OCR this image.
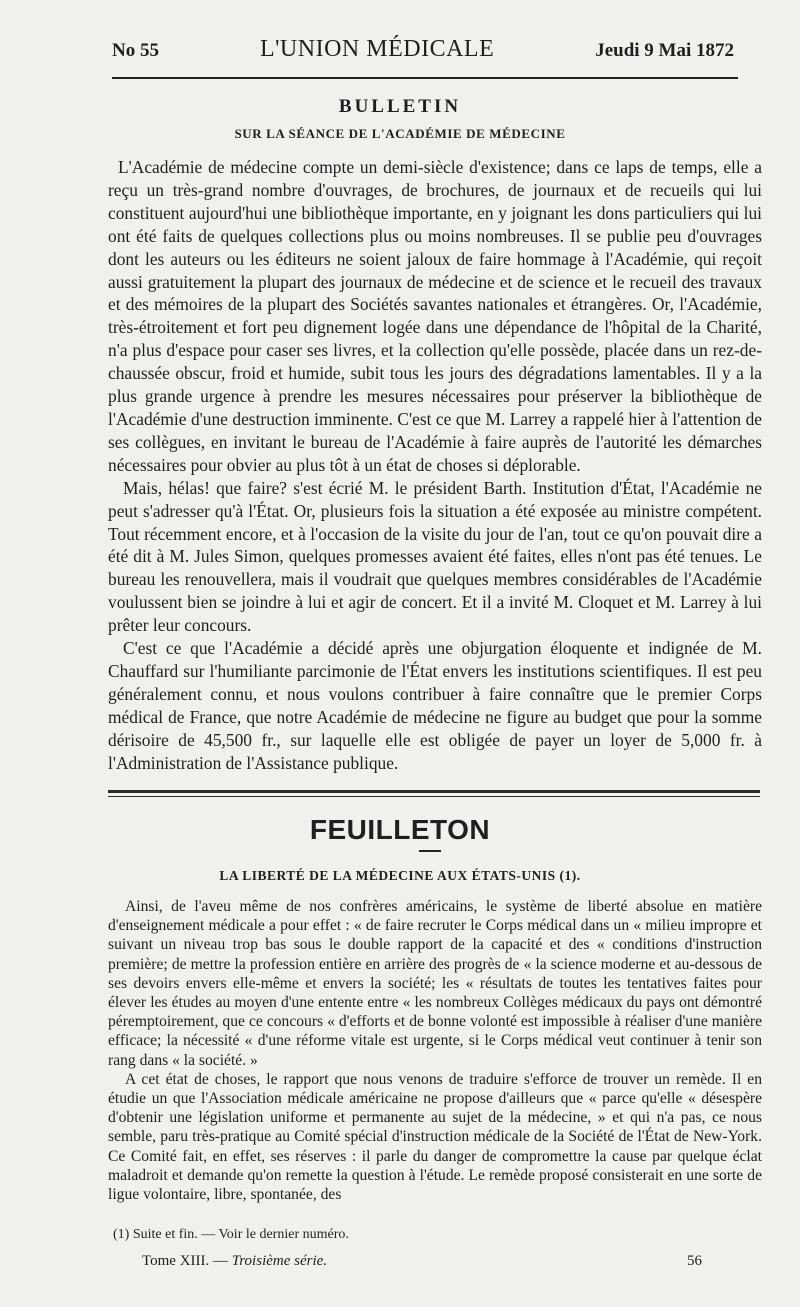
No 55	L'UNION MÉDICALE	Jeudi 9 Mai 1872
BULLETIN
SUR LA SÉANCE DE L'ACADÉMIE DE MÉDECINE

L'Académie de médecine compte un demi-siècle d'existence; dans ce laps de temps, elle a reçu un très-grand nombre d'ouvrages, de brochures, de journaux et de recueils qui lui constituent aujourd'hui une bibliothèque importante, en y joignant les dons particuliers qui lui ont été faits de quelques collections plus ou moins nombreuses. Il se publie peu d'ouvrages dont les auteurs ou les éditeurs ne soient jaloux de faire hommage à l'Académie, qui reçoit aussi gratuitement la plupart des journaux de médecine et de science et le recueil des travaux et des mémoires de la plupart des Sociétés savantes nationales et étrangères. Or, l'Académie, très-étroitement et fort peu dignement logée dans une dépendance de l'hôpital de la Charité, n'a plus d'espace pour caser ses livres, et la collection qu'elle possède, placée dans un rez-de-chaussée obscur, froid et humide, subit tous les jours des dégradations lamentables. Il y a la plus grande urgence à prendre les mesures nécessaires pour préserver la bibliothèque de l'Académie d'une destruction imminente. C'est ce que M. Larrey a rappelé hier à l'attention de ses collègues, en invitant le bureau de l'Académie à faire auprès de l'autorité les démarches nécessaires pour obvier au plus tôt à un état de choses si déplorable.

Mais, hélas! que faire? s'est écrié M. le président Barth. Institution d'État, l'Académie ne peut s'adresser qu'à l'État. Or, plusieurs fois la situation a été exposée au ministre compétent. Tout récemment encore, et à l'occasion de la visite du jour de l'an, tout ce qu'on pouvait dire a été dit à M. Jules Simon, quelques promesses avaient été faites, elles n'ont pas été tenues. Le bureau les renouvellera, mais il voudrait que quelques membres considérables de l'Académie voulussent bien se joindre à lui et agir de concert. Et il a invité M. Cloquet et M. Larrey à lui prêter leur concours.

C'est ce que l'Académie a décidé après une objurgation éloquente et indignée de M. Chauffard sur l'humiliante parcimonie de l'État envers les institutions scientifiques. Il est peu généralement connu, et nous voulons contribuer à faire connaître que le premier Corps médical de France, que notre Académie de médecine ne figure au budget que pour la somme dérisoire de 45,500 fr., sur laquelle elle est obligée de payer un loyer de 5,000 fr. à l'Administration de l'Assistance publique.

FEUILLETON
LA LIBERTÉ DE LA MÉDECINE AUX ÉTATS-UNIS (1).

Ainsi, de l'aveu même de nos confrères américains, le système de liberté absolue en matière d'enseignement médicale a pour effet : « de faire recruter le Corps médical dans un « milieu impropre et suivant un niveau trop bas sous le double rapport de la capacité et des « conditions d'instruction première; de mettre la profession entière en arrière des progrès de « la science moderne et au-dessous de ses devoirs envers elle-même et envers la société; les « résultats de toutes les tentatives faites pour élever les études au moyen d'une entente entre « les nombreux Collèges médicaux du pays ont démontré péremptoirement, que ce concours « d'efforts et de bonne volonté est impossible à réaliser d'une manière efficace; la nécessité « d'une réforme vitale est urgente, si le Corps médical veut continuer à tenir son rang dans « la société. »

A cet état de choses, le rapport que nous venons de traduire s'efforce de trouver un remède. Il en étudie un que l'Association médicale américaine ne propose d'ailleurs que « parce qu'elle « désespère d'obtenir une législation uniforme et permanente au sujet de la médecine, » et qui n'a pas, ce nous semble, paru très-pratique au Comité spécial d'instruction médicale de la Société de l'État de New-York. Ce Comité fait, en effet, ses réserves : il parle du danger de compromettre la cause par quelque éclat maladroit et demande qu'on remette la question à l'étude. Le remède proposé consisterait en une sorte de ligue volontaire, libre, spontanée, des

(1) Suite et fin. — Voir le dernier numéro.
Tome XIII. — Troisième série.	56
